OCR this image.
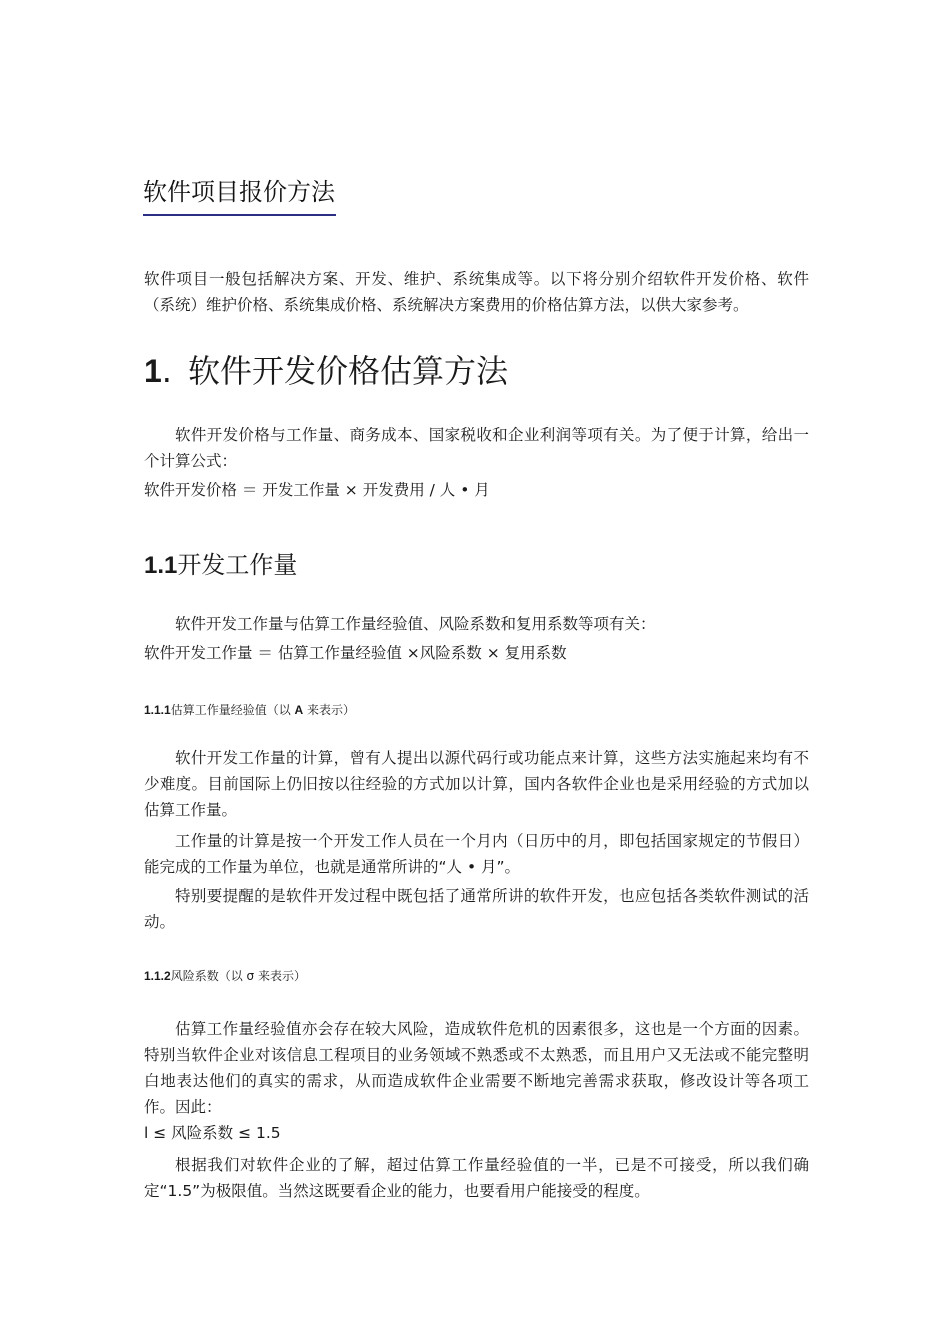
软件项目报价方法
软件项目一般包括解决方案、开发、维护、系统集成等。以下将分别介绍软件开发价格、软件（系统）维护价格、系统集成价格、系统解决方案费用的价格估算方法，以供大家参考。
1. 软件开发价格估算方法
软件开发价格与工作量、商务成本、国家税收和企业利润等项有关。为了便于计算，给出一个计算公式：
软件开发价格 ＝ 开发工作量 × 开发费用 / 人 • 月
1.1开发工作量
软件开发工作量与估算工作量经验值、风险系数和复用系数等项有关：
软件开发工作量 ＝ 估算工作量经验值 ×风险系数 × 复用系数
1.1.1估算工作量经验值（以 A 来表示）
软什开发工作量的计算，曾有人提出以源代码行或功能点来计算，这些方法实施起来均有不少难度。目前国际上仍旧按以往经验的方式加以计算，国内各软件企业也是采用经验的方式加以估算工作量。
工作量的计算是按一个开发工作人员在一个月内（日历中的月，即包括国家规定的节假日）能完成的工作量为单位，也就是通常所讲的“人 • 月”。
特别要提醒的是软件开发过程中既包括了通常所讲的软件开发，也应包括各类软件测试的活动。
1.1.2风险系数（以 σ 来表示）
估算工作量经验值亦会存在较大风险，造成软件危机的因素很多，这也是一个方面的因素。特别当软件企业对该信息工程项目的业务领域不熟悉或不太熟悉，而且用户又无法或不能完整明白地表达他们的真实的需求，从而造成软件企业需要不断地完善需求获取，修改设计等各项工作。因此：
l ≤ 风险系数 ≤ 1.5
根据我们对软件企业的了解，超过估算工作量经验值的一半，已是不可接受，所以我们确定“1.5”为极限值。当然这既要看企业的能力，也要看用户能接受的程度。
